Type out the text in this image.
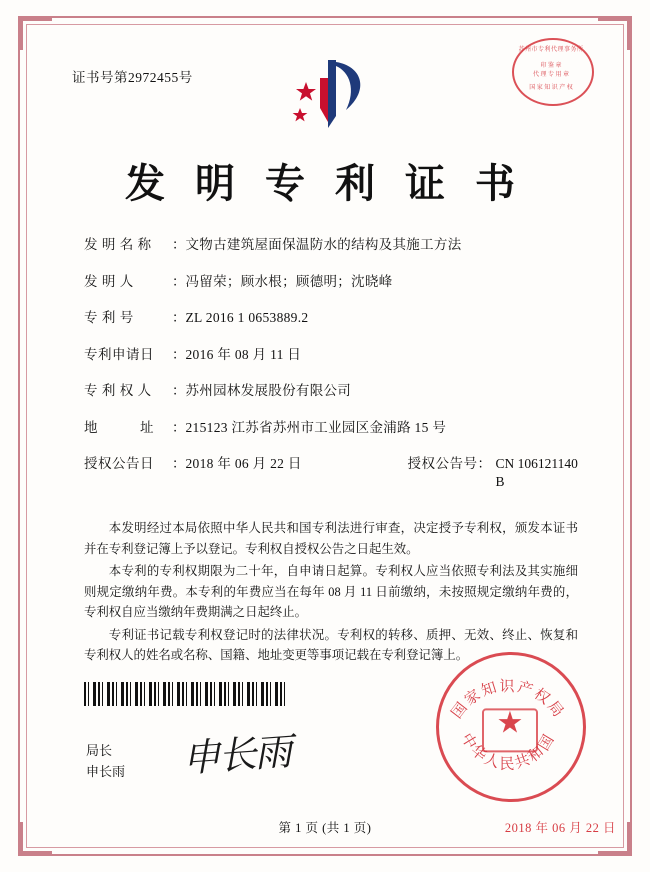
证书号第2972455号
苏州市专利代理事务所
印 鉴 章
代 理 专 用 章
国 家 知 识 产 权
发 明 专 利 证 书
发 明 名 称	： 文物古建筑屋面保温防水的结构及其施工方法
发 明 人	： 冯留荣；顾水根；顾德明；沈晓峰
专 利 号	： ZL 2016 1 0653889.2
专利申请日	： 2016 年 08 月 11 日
专 利 权 人	： 苏州园林发展股份有限公司
地　　　址	： 215123 江苏省苏州市工业园区金浦路 15 号
授权公告日	： 2018 年 06 月 22 日	授权公告号： CN 106121140 B

本发明经过本局依照中华人民共和国专利法进行审查，决定授予专利权，颁发本证书并在专利登记簿上予以登记。专利权自授权公告之日起生效。

本专利的专利权期限为二十年，自申请日起算。专利权人应当依照专利法及其实施细则规定缴纳年费。本专利的年费应当在每年 08 月 11 日前缴纳，未按照规定缴纳年费的，专利权自应当缴纳年费期满之日起终止。

专利证书记载专利权登记时的法律状况。专利权的转移、质押、无效、终止、恢复和专利权人的姓名或名称、国籍、地址变更等事项记载在专利登记簿上。

局长
申长雨 申长雨
国家知识产权局
中华人民共和国
★
2018 年 06 月 22 日
第 1 页 (共 1 页)
